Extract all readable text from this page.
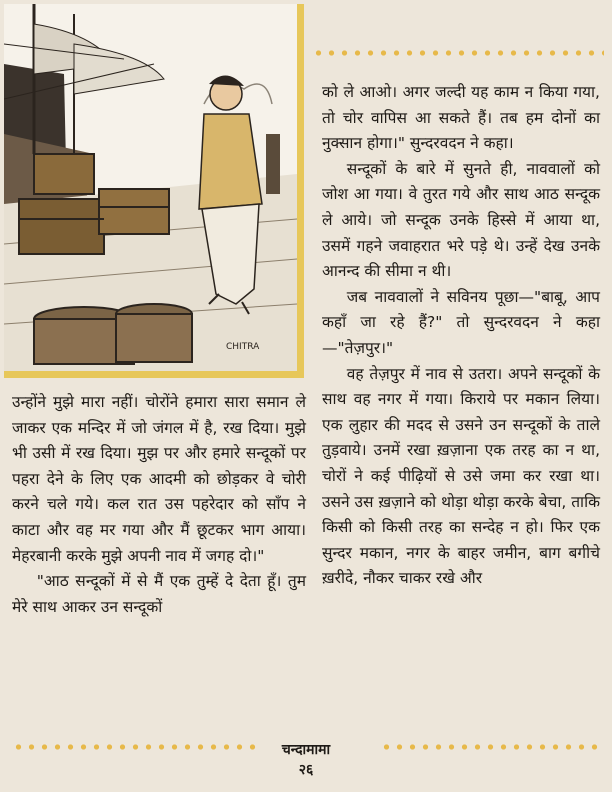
CHITRA

को ले आओ। अगर जल्दी यह काम न किया गया, तो चोर वापिस आ सकते हैं। तब हम दोनों का नुक्सान होगा।" सुन्दरवदन ने कहा।

सन्दूकों के बारे में सुनते ही, नाववालों को जोश आ गया। वे तुरत गये और साथ आठ सन्दूक ले आये। जो सन्दूक उनके हिस्से में आया था, उसमें गहने जवाहरात भरे पड़े थे। उन्हें देख उनके आनन्द की सीमा न थी।

जब नाववालों ने सविनय पूछा—"बाबू, आप कहाँ जा रहे हैं?" तो सुन्दरवदन ने कहा—"तेज़पुर।"

वह तेज़पुर में नाव से उतरा। अपने सन्दूकों के साथ वह नगर में गया। किराये पर मकान लिया। एक लुहार की मदद से उसने उन सन्दूकों के ताले तुड़वाये। उनमें रखा ख़ज़ाना एक तरह का न था, चोरों ने कई पीढ़ियों से उसे जमा कर रखा था। उसने उस ख़ज़ाने को थोड़ा थोड़ा करके बेचा, ताकि किसी को किसी तरह का सन्देह न हो। फिर एक सुन्दर मकान, नगर के बाहर जमीन, बाग बगीचे ख़रीदे, नौकर चाकर रखे और

उन्होंने मुझे मारा नहीं। चोरोंने हमारा सारा समान ले जाकर एक मन्दिर में जो जंगल में है, रख दिया। मुझे भी उसी में रख दिया। मुझ पर और हमारे सन्दूकों पर पहरा देने के लिए एक आदमी को छोड़कर वे चोरी करने चले गये। कल रात उस पहरेदार को साँप ने काटा और वह मर गया और मैं छूटकर भाग आया। मेहरबानी करके मुझे अपनी नाव में जगह दो।"

"आठ सन्दूकों में से मैं एक तुम्हें दे देता हूँ। तुम मेरे साथ आकर उन सन्दूकों

चन्दामामा
२६
